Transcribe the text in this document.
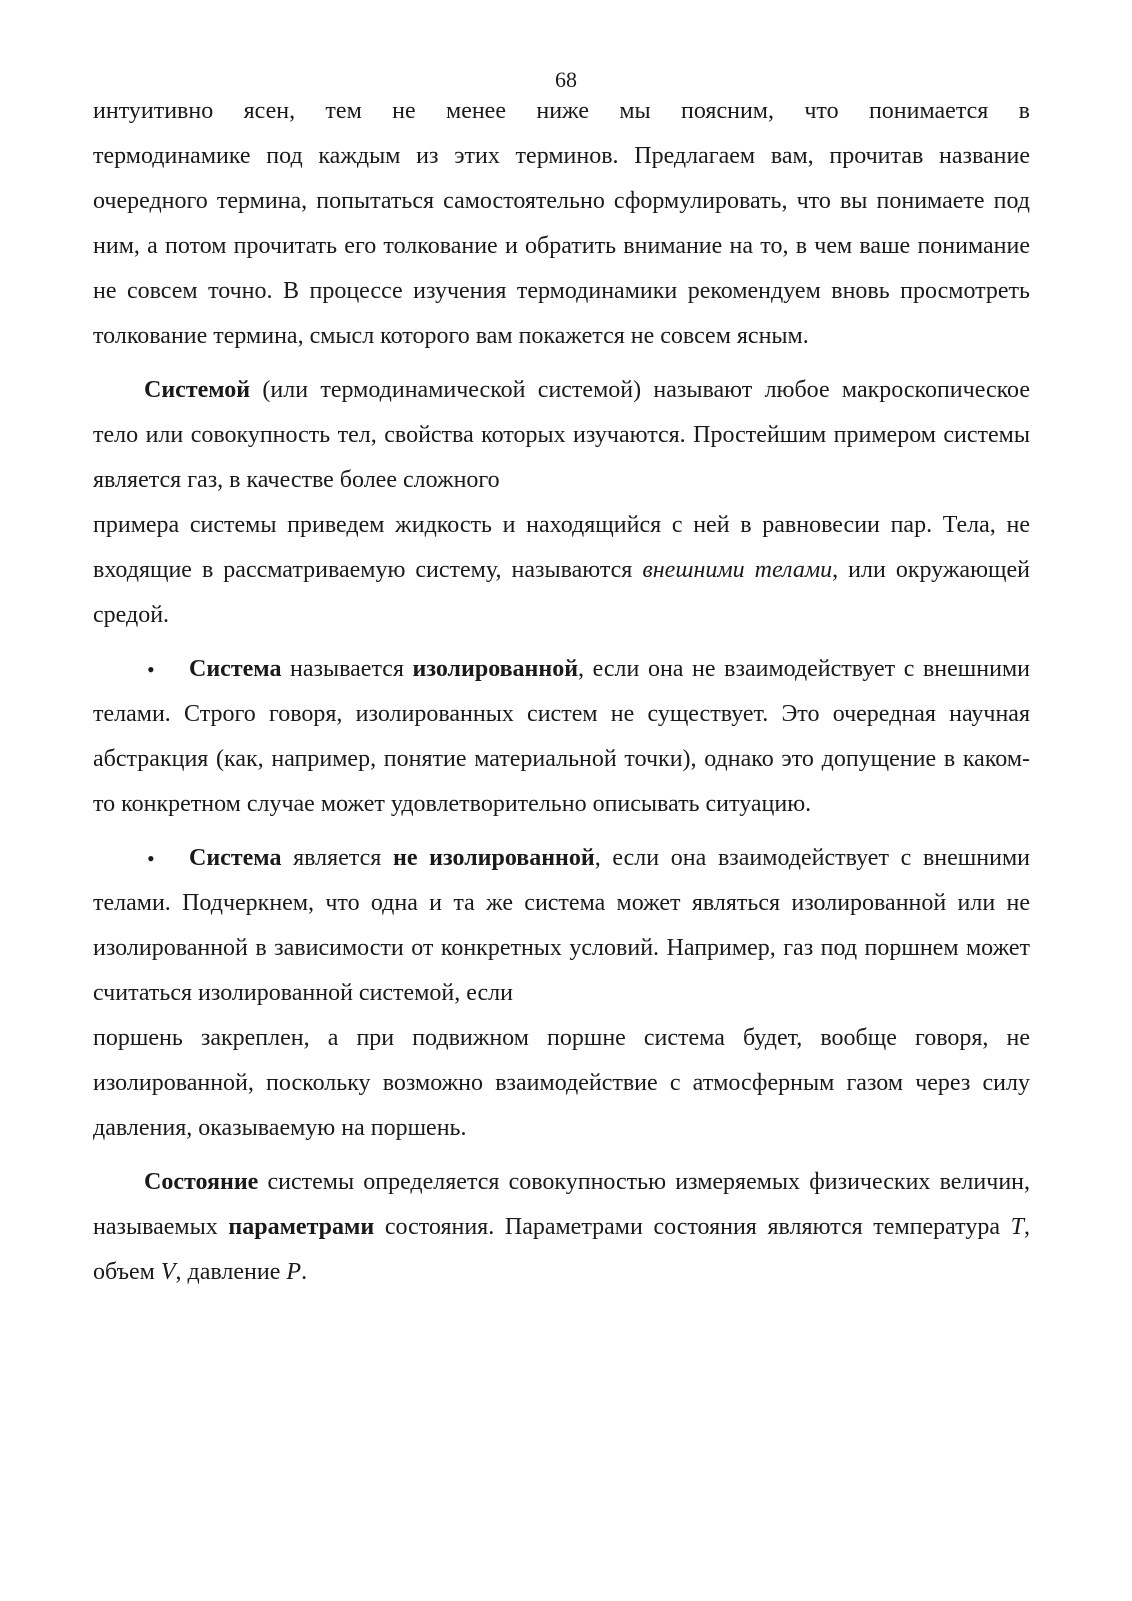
68

интуитивно ясен, тем не менее ниже мы поясним, что понимается в

термодинамике под каждым из этих терминов. Предлагаем вам, прочитав название очередного термина, попытаться самостоятельно сформулировать, что вы понимаете под ним, а потом прочитать его толкование и обратить внимание на то, в чем ваше понимание не совсем точно. В процессе изучения термодинамики рекомендуем вновь просмотреть толкование термина, смысл которого вам покажется не совсем ясным.

Системой (или термодинамической системой) называют любое макроскопическое тело или совокупность тел, свойства которых изучаются. Простейшим примером системы является газ, в качестве более сложного

примера системы приведем жидкость и находящийся с ней в равновесии пар. Тела, не входящие в рассматриваемую систему, называются внешними телами, или окружающей средой.

• Система называется изолированной, если она не взаимодействует с внешними телами. Строго говоря, изолированных систем не существует. Это очередная научная абстракция (как, например, понятие материальной точки), однако это допущение в каком-то конкретном случае может удовлетворительно описывать ситуацию.

• Система является не изолированной, если она взаимодействует с внешними телами. Подчеркнем, что одна и та же система может являться изолированной или не изолированной в зависимости от конкретных условий. Например, газ под поршнем может считаться изолированной системой, если

поршень закреплен, а при подвижном поршне система будет, вообще говоря, не изолированной, поскольку возможно взаимодействие с атмосферным газом через силу давления, оказываемую на поршень.

Состояние системы определяется совокупностью измеряемых физических величин, называемых параметрами состояния. Параметрами состояния являются температура T, объем V, давление P.
